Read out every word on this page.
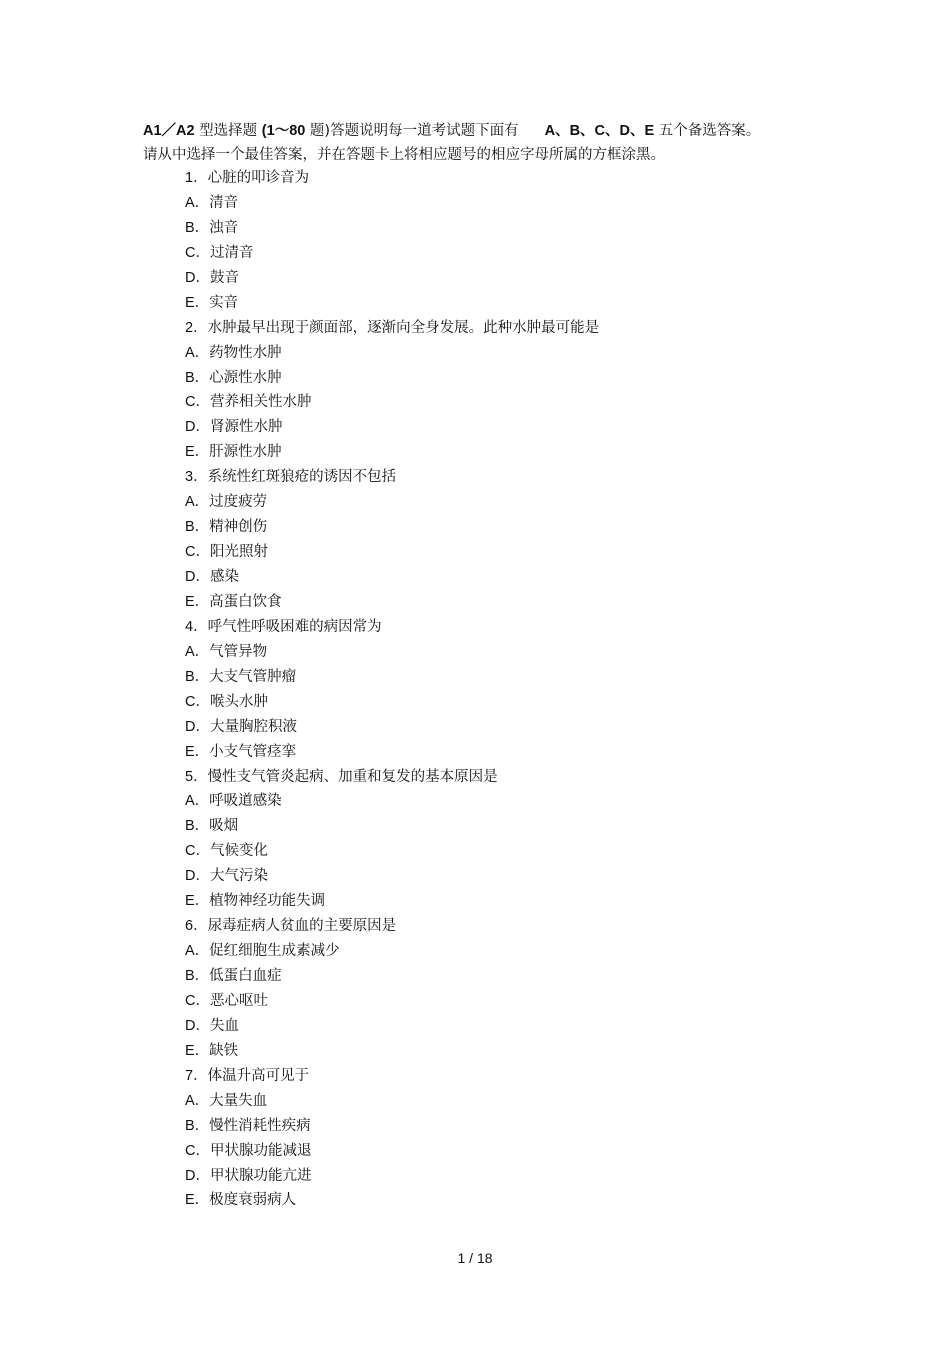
A1／A2 型选择题 (1～80 题)答题说明每一道考试题下面有 A、B、C、D、E 五个备选答案。
请从中选择一个最佳答案，并在答题卡上将相应题号的相应字母所属的方框涂黑。
1．心脏的叩诊音为
A．清音
B．浊音
C．过清音
D．鼓音
E．实音
2．水肿最早出现于颜面部，逐渐向全身发展。此种水肿最可能是
A．药物性水肿
B．心源性水肿
C．营养相关性水肿
D．肾源性水肿
E．肝源性水肿
3．系统性红斑狼疮的诱因不包括
A．过度疲劳
B．精神创伤
C．阳光照射
D．感染
E．高蛋白饮食
4．呼气性呼吸困难的病因常为
A．气管异物
B．大支气管肿瘤
C．喉头水肿
D．大量胸腔积液
E．小支气管痉挛
5．慢性支气管炎起病、加重和复发的基本原因是
A．呼吸道感染
B．吸烟
C．气候变化
D．大气污染
E．植物神经功能失调
6．尿毒症病人贫血的主要原因是
A．促红细胞生成素减少
B．低蛋白血症
C．恶心呕吐
D．失血
E．缺铁
7．体温升高可见于
A．大量失血
B．慢性消耗性疾病
C．甲状腺功能减退
D．甲状腺功能亢进
E．极度衰弱病人
1 / 18
